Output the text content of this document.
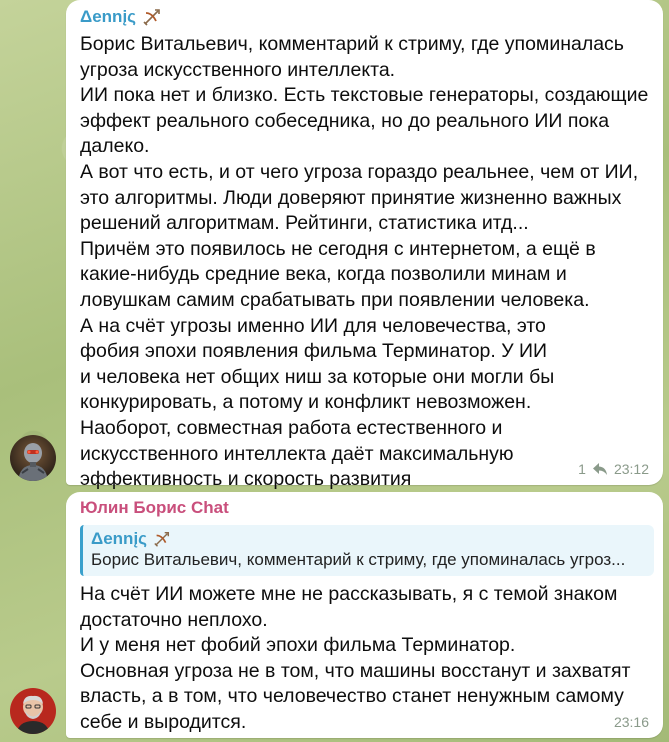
Δennįς

Борис Витальевич, комментарий к стриму, где упоминалась угроза искусственного интеллекта.

ИИ пока нет и близко. Есть текстовые генераторы, создающие эффект реального собеседника, но до реального ИИ пока далеко.

А вот что есть, и от чего угроза гораздо реальнее, чем от ИИ, это алгоритмы. Люди доверяют принятие жизненно важных решений алгоритмам. Рейтинги, статистика итд...

Причём это появилось не сегодня с интернетом, а ещё в какие-нибудь средние века, когда позволили минам и ловушкам самим срабатывать при появлении человека.

А на счёт угрозы именно ИИ для человечества, это фобия эпохи появления фильма Терминатор. У ИИ и человека нет общих ниш за которые они могли бы конкурировать, а потому и конфликт невозможен. Наоборот, совместная работа естественного и искусственного интеллекта даёт максимальную эффективность и скорость развития	1 23:12
Юлин Борис Chat
Δennįς
Борис Витальевич, комментарий к стриму, где упоминалась угроз...

На счёт ИИ можете мне не рассказывать, я с темой знаком достаточно неплохо.

И у меня нет фобий эпохи фильма Терминатор.

Основная угроза не в том, что машины восстанут и захватят власть, а в том, что человечество станет ненужным самому себе и выродится.	23:16
